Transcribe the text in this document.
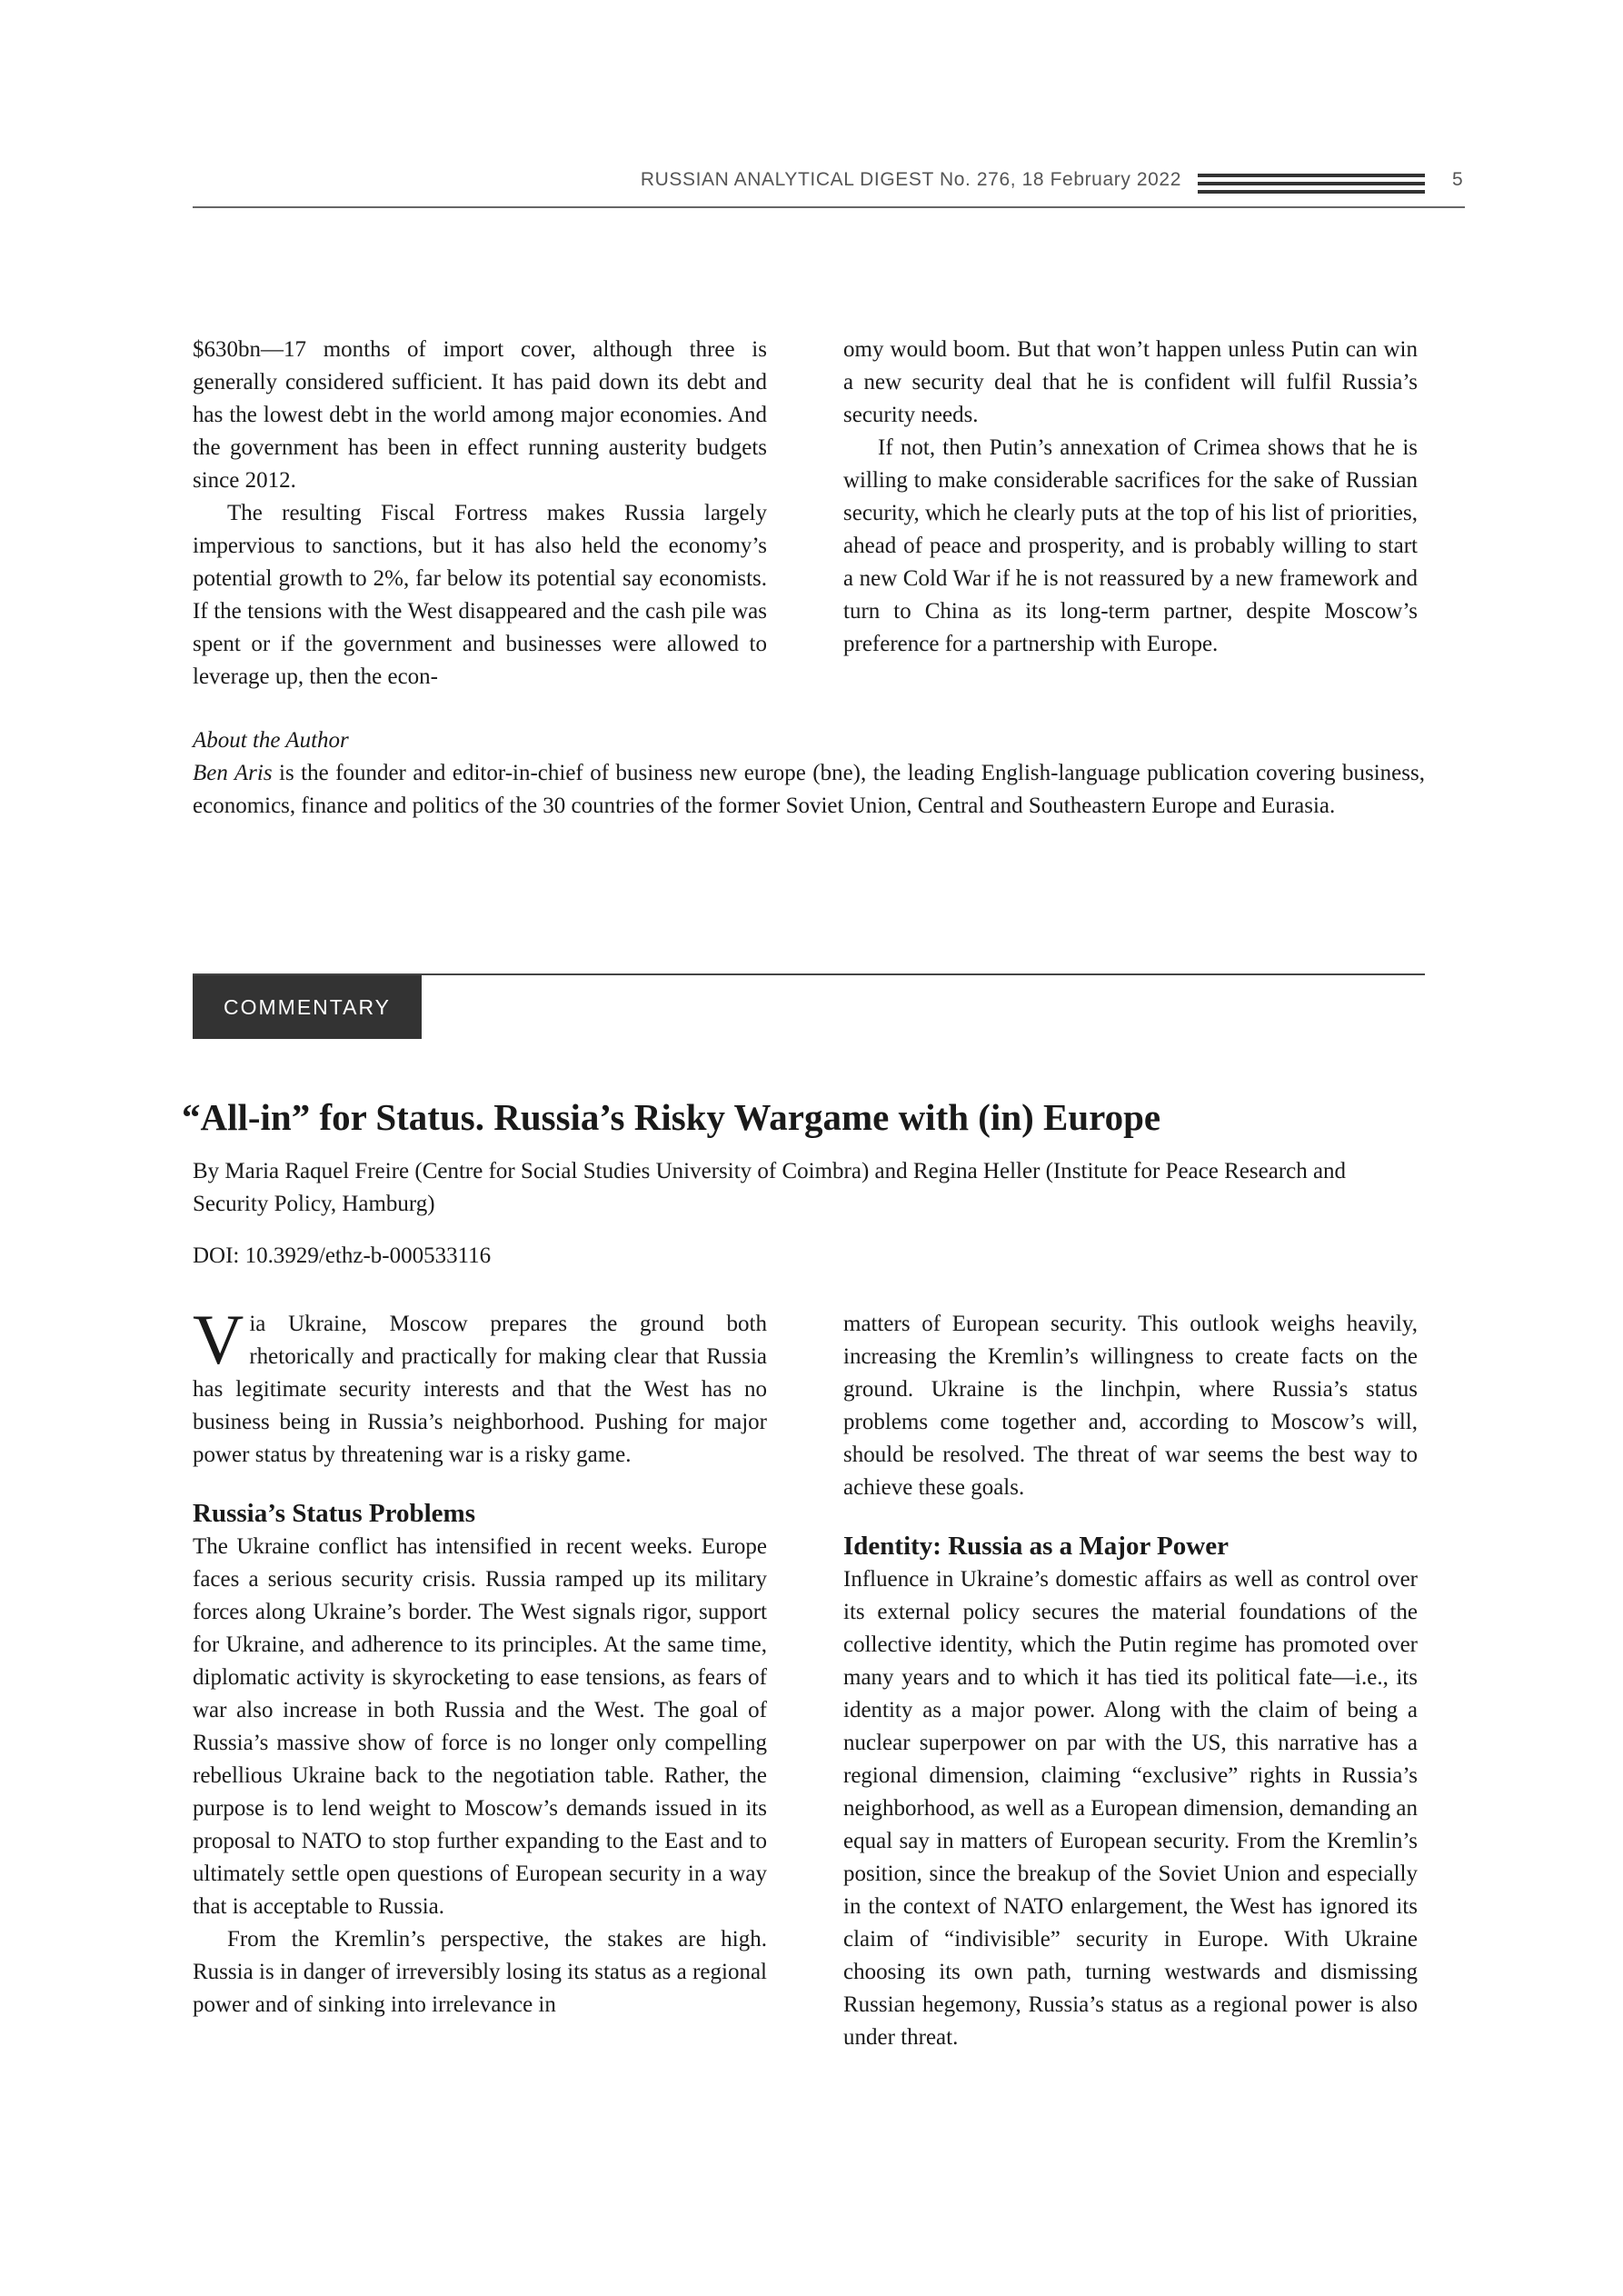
RUSSIAN ANALYTICAL DIGEST No. 276, 18 February 2022	5

$630bn—17 months of import cover, although three is generally considered sufficient. It has paid down its debt and has the lowest debt in the world among major economies. And the government has been in effect running austerity budgets since 2012.

The resulting Fiscal Fortress makes Russia largely impervious to sanctions, but it has also held the economy’s potential growth to 2%, far below its potential say economists. If the tensions with the West disappeared and the cash pile was spent or if the government and businesses were allowed to leverage up, then the econ-

omy would boom. But that won’t happen unless Putin can win a new security deal that he is confident will fulfil Russia’s security needs.

If not, then Putin’s annexation of Crimea shows that he is willing to make considerable sacrifices for the sake of Russian security, which he clearly puts at the top of his list of priorities, ahead of peace and prosperity, and is probably willing to start a new Cold War if he is not reassured by a new framework and turn to China as its long-term partner, despite Moscow’s preference for a partnership with Europe.

About the Author
Ben Aris is the founder and editor-in-chief of business new europe (bne), the leading English-language publication covering business, economics, finance and politics of the 30 countries of the former Soviet Union, Central and Southeastern Europe and Eurasia.
COMMENTARY
“All-in” for Status. Russia’s Risky Wargame with (in) Europe
By Maria Raquel Freire (Centre for Social Studies University of Coimbra) and Regina Heller (Institute for Peace Research and Security Policy, Hamburg)
DOI: 10.3929/ethz-b-000533116

Via Ukraine, Moscow prepares the ground both rhetorically and practically for making clear that Russia has legitimate security interests and that the West has no business being in Russia’s neighborhood. Pushing for major power status by threatening war is a risky game.

Russia’s Status Problems

The Ukraine conflict has intensified in recent weeks. Europe faces a serious security crisis. Russia ramped up its military forces along Ukraine’s border. The West signals rigor, support for Ukraine, and adherence to its principles. At the same time, diplomatic activity is skyrocketing to ease tensions, as fears of war also increase in both Russia and the West. The goal of Russia’s massive show of force is no longer only compelling rebellious Ukraine back to the negotiation table. Rather, the purpose is to lend weight to Moscow’s demands issued in its proposal to NATO to stop further expanding to the East and to ultimately settle open questions of European security in a way that is acceptable to Russia.

From the Kremlin’s perspective, the stakes are high. Russia is in danger of irreversibly losing its status as a regional power and of sinking into irrelevance in

matters of European security. This outlook weighs heavily, increasing the Kremlin’s willingness to create facts on the ground. Ukraine is the linchpin, where Russia’s status problems come together and, according to Moscow’s will, should be resolved. The threat of war seems the best way to achieve these goals.

Identity: Russia as a Major Power

Influence in Ukraine’s domestic affairs as well as control over its external policy secures the material foundations of the collective identity, which the Putin regime has promoted over many years and to which it has tied its political fate—i.e., its identity as a major power. Along with the claim of being a nuclear superpower on par with the US, this narrative has a regional dimension, claiming “exclusive” rights in Russia’s neighborhood, as well as a European dimension, demanding an equal say in matters of European security. From the Kremlin’s position, since the breakup of the Soviet Union and especially in the context of NATO enlargement, the West has ignored its claim of “indivisible” security in Europe. With Ukraine choosing its own path, turning westwards and dismissing Russian hegemony, Russia’s status as a regional power is also under threat.
